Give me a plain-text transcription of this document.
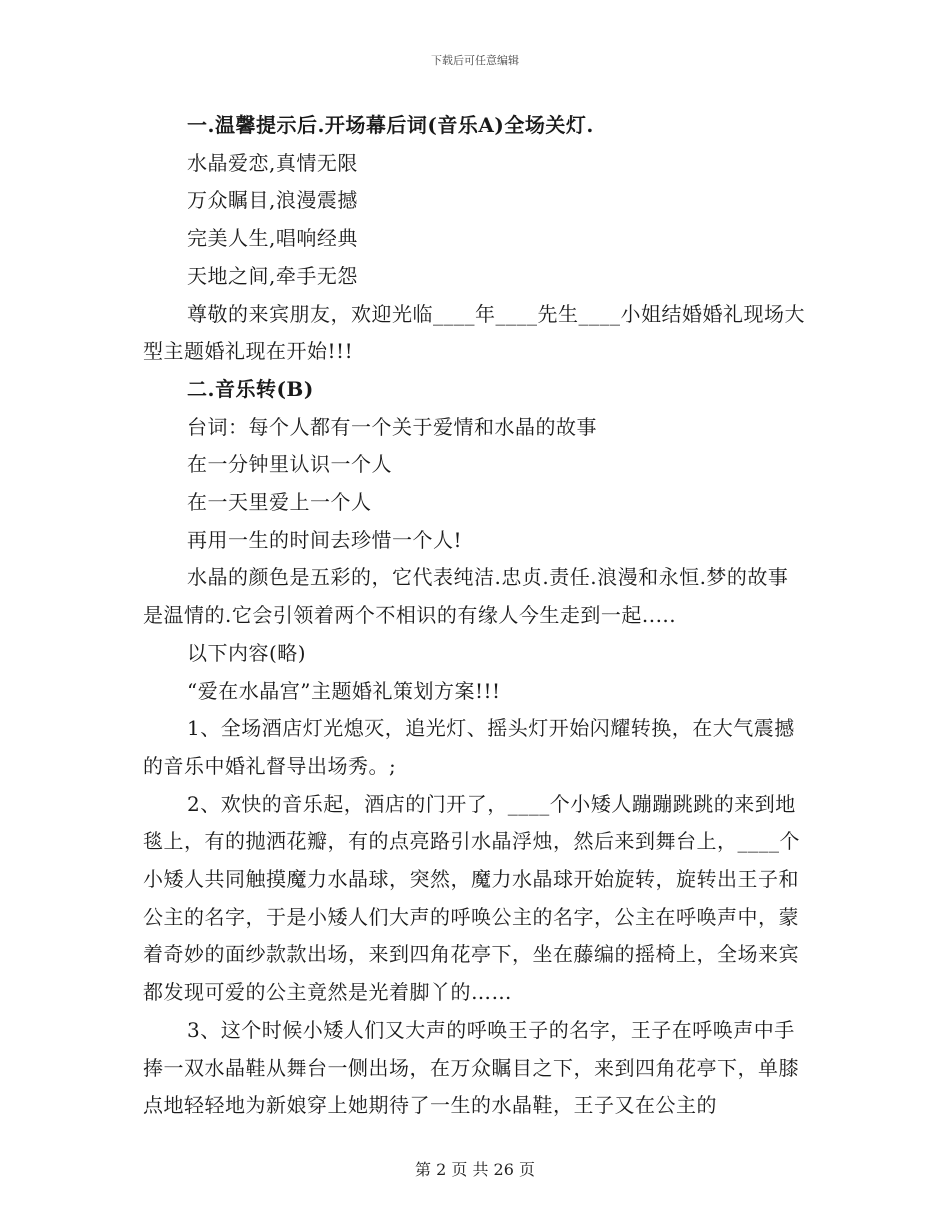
下载后可任意编辑

一.温馨提示后.开场幕后词(音乐A)全场关灯.

水晶爱恋,真情无限

万众瞩目,浪漫震撼

完美人生,唱响经典

天地之间,牵手无怨

尊敬的来宾朋友，欢迎光临____年____先生____小姐结婚婚礼现场大型主题婚礼现在开始!!!

二.音乐转(B)

台词：每个人都有一个关于爱情和水晶的故事

在一分钟里认识一个人

在一天里爱上一个人

再用一生的时间去珍惜一个人!

水晶的颜色是五彩的，它代表纯洁.忠贞.责任.浪漫和永恒.梦的故事是温情的.它会引领着两个不相识的有缘人今生走到一起.....

以下内容(略)

“爱在水晶宫”主题婚礼策划方案!!!

1、全场酒店灯光熄灭，追光灯、摇头灯开始闪耀转换，在大气震撼的音乐中婚礼督导出场秀。;

2、欢快的音乐起，酒店的门开了，____个小矮人蹦蹦跳跳的来到地毯上，有的抛洒花瓣，有的点亮路引水晶浮烛，然后来到舞台上，____个小矮人共同触摸魔力水晶球，突然，魔力水晶球开始旋转，旋转出王子和公主的名字，于是小矮人们大声的呼唤公主的名字，公主在呼唤声中，蒙着奇妙的面纱款款出场，来到四角花亭下，坐在藤编的摇椅上，全场来宾都发现可爱的公主竟然是光着脚丫的……

3、这个时候小矮人们又大声的呼唤王子的名字，王子在呼唤声中手捧一双水晶鞋从舞台一侧出场，在万众瞩目之下，来到四角花亭下，单膝点地轻轻地为新娘穿上她期待了一生的水晶鞋，王子又在公主的

第 2 页 共 26 页
